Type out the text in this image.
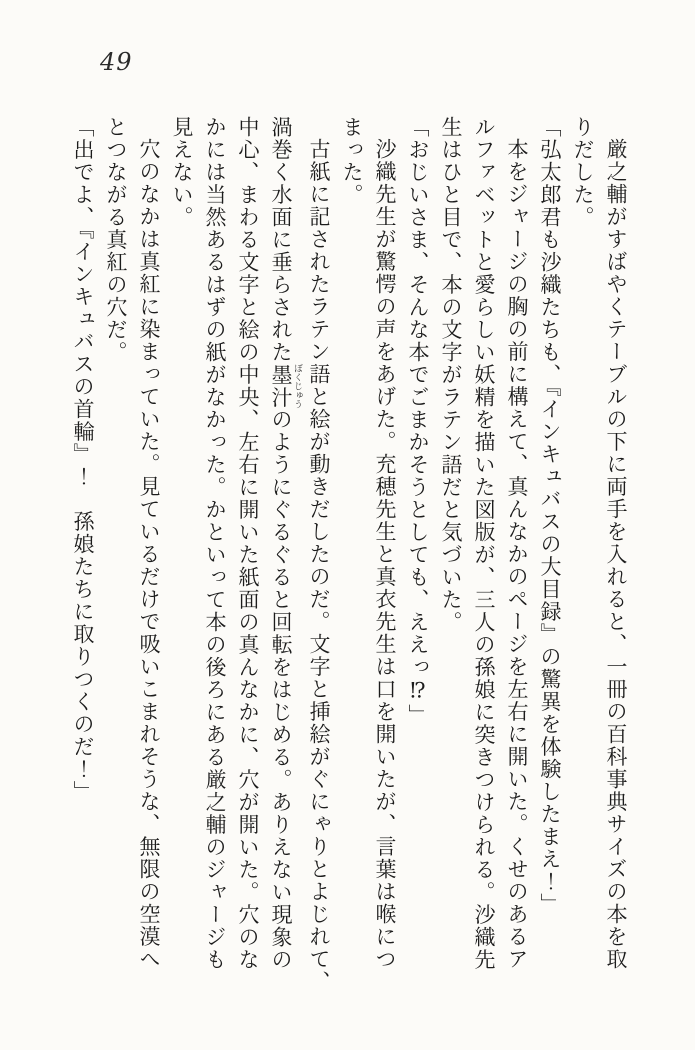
49

厳之輔がすばやくテーブルの下に両手を入れると、一冊の百科事典サイズの本を取

りだした。

「弘太郎君も沙織たちも、『インキュバスの大目録』の驚異を体験したまえ！」

本をジャージの胸の前に構えて、真んなかのページを左右に開いた。くせのあるア

ルファベットと愛らしい妖精を描いた図版が、三人の孫娘に突きつけられる。沙織先

生はひと目で、本の文字がラテン語だと気づいた。

「おじいさま、そんな本でごまかそうとしても、ええっ⁉」

沙織先生が驚愕の声をあげた。充穂先生と真衣先生は口を開いたが、言葉は喉につ

まった。

古紙に記されたラテン語と絵が動きだしたのだ。文字と挿絵がぐにゃりとよじれて、

渦巻く水面に垂らされた墨汁 ぼくじゅうのようにぐるぐると回転をはじめる。ありえない現象の

中心、まわる文字と絵の中央、左右に開いた紙面の真んなかに、穴が開いた。穴のな

かには当然あるはずの紙がなかった。かといって本の後ろにある厳之輔のジャージも

見えない。

穴のなかは真紅に染まっていた。見ているだけで吸いこまれそうな、無限の空漠へ

とつながる真紅の穴だ。

「出でよ、『インキュバスの首輪』！　孫娘たちに取りつくのだ！」
